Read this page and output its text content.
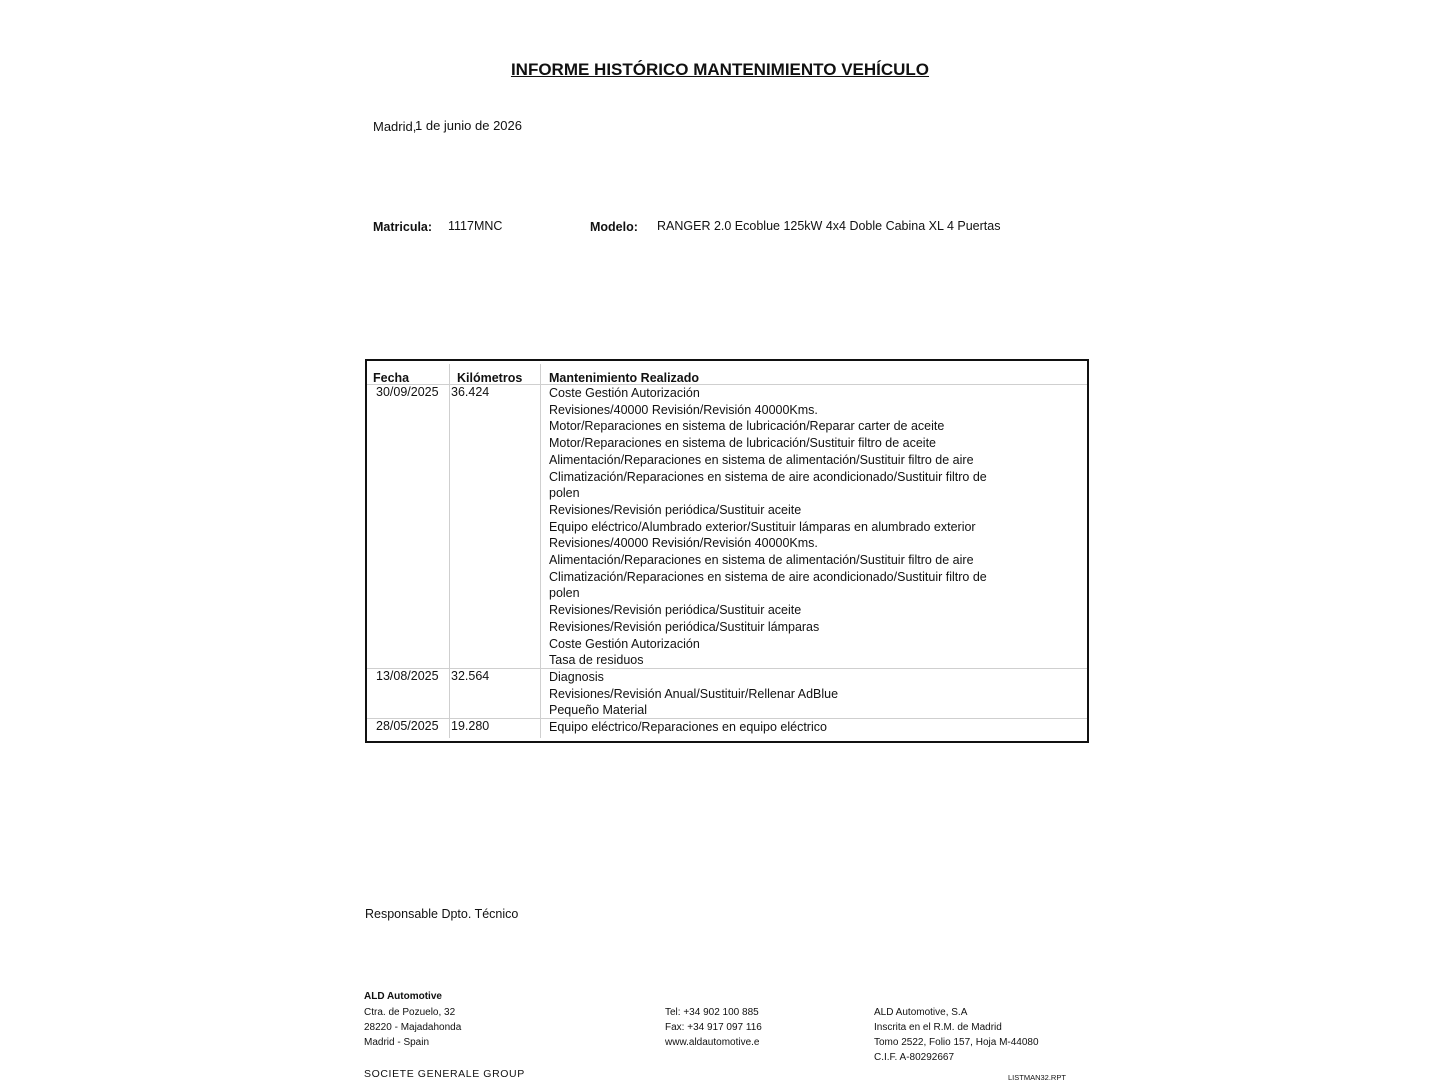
INFORME HISTÓRICO MANTENIMIENTO VEHÍCULO
Madrid,
1 de junio de 2026
Matricula: 1117MNC	Modelo: RANGER 2.0 Ecoblue 125kW 4x4 Doble Cabina XL 4 Puertas
Fecha	Kilómetros Mantenimiento Realizado
30/09/2025 36.424	Coste Gestión Autorización
Revisiones/40000 Revisión/Revisión 40000Kms.
Motor/Reparaciones en sistema de lubricación/Reparar carter de aceite
Motor/Reparaciones en sistema de lubricación/Sustituir filtro de aceite
Alimentación/Reparaciones en sistema de alimentación/Sustituir filtro de aire
Climatización/Reparaciones en sistema de aire acondicionado/Sustituir filtro de
polen
Revisiones/Revisión periódica/Sustituir aceite
Equipo eléctrico/Alumbrado exterior/Sustituir lámparas en alumbrado exterior
Revisiones/40000 Revisión/Revisión 40000Kms.
Alimentación/Reparaciones en sistema de alimentación/Sustituir filtro de aire
Climatización/Reparaciones en sistema de aire acondicionado/Sustituir filtro de
polen
Revisiones/Revisión periódica/Sustituir aceite
Revisiones/Revisión periódica/Sustituir lámparas
Coste Gestión Autorización
Tasa de residuos
13/08/2025 32.564	Diagnosis
Revisiones/Revisión Anual/Sustituir/Rellenar AdBlue
Pequeño Material
28/05/2025 19.280	Equipo eléctrico/Reparaciones en equipo eléctrico
Responsable Dpto. Técnico
ALD Automotive
Ctra. de Pozuelo, 32
28220 - Majadahonda
Madrid - Spain
Tel: +34 902 100 885
Fax: +34 917 097 116
www.aldautomotive.e
ALD Automotive, S.A
Inscrita en el R.M. de Madrid
Tomo 2522, Folio 157, Hoja M-44080
C.I.F. A-80292667
SOCIETE GENERALE GROUP	LISTMAN32.RPT
